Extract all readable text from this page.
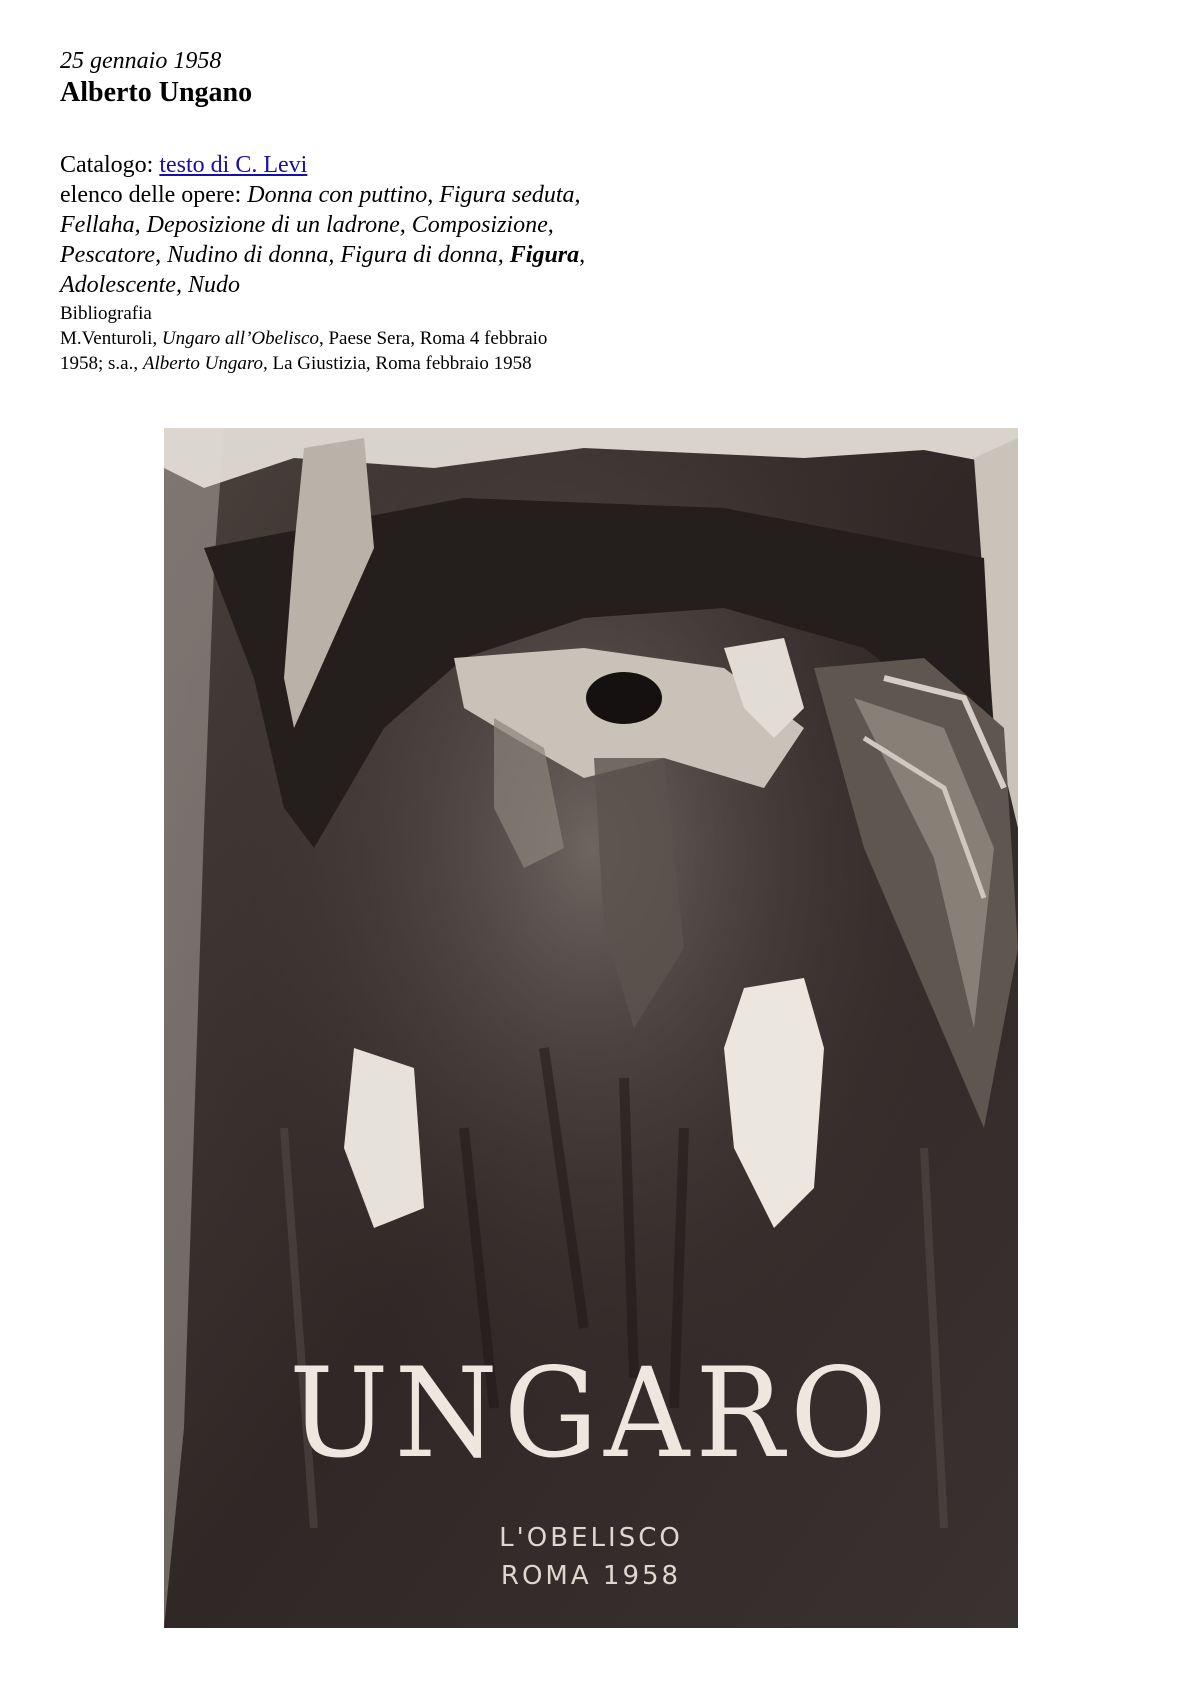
25 gennaio 1958
Alberto Ungano
Catalogo: testo di C. Levi
elenco delle opere: Donna con puttino, Figura seduta,
Fellaha, Deposizione di un ladrone, Composizione,
Pescatore, Nudino di donna, Figura di donna, Figura,
Adolescente, Nudo
Bibliografia
M.Venturoli, Ungaro all’Obelisco, Paese Sera, Roma 4 febbraio
1958; s.a., Alberto Ungaro, La Giustizia, Roma febbraio 1958
UNGARO
L'OBELISCO
ROMA 1958
